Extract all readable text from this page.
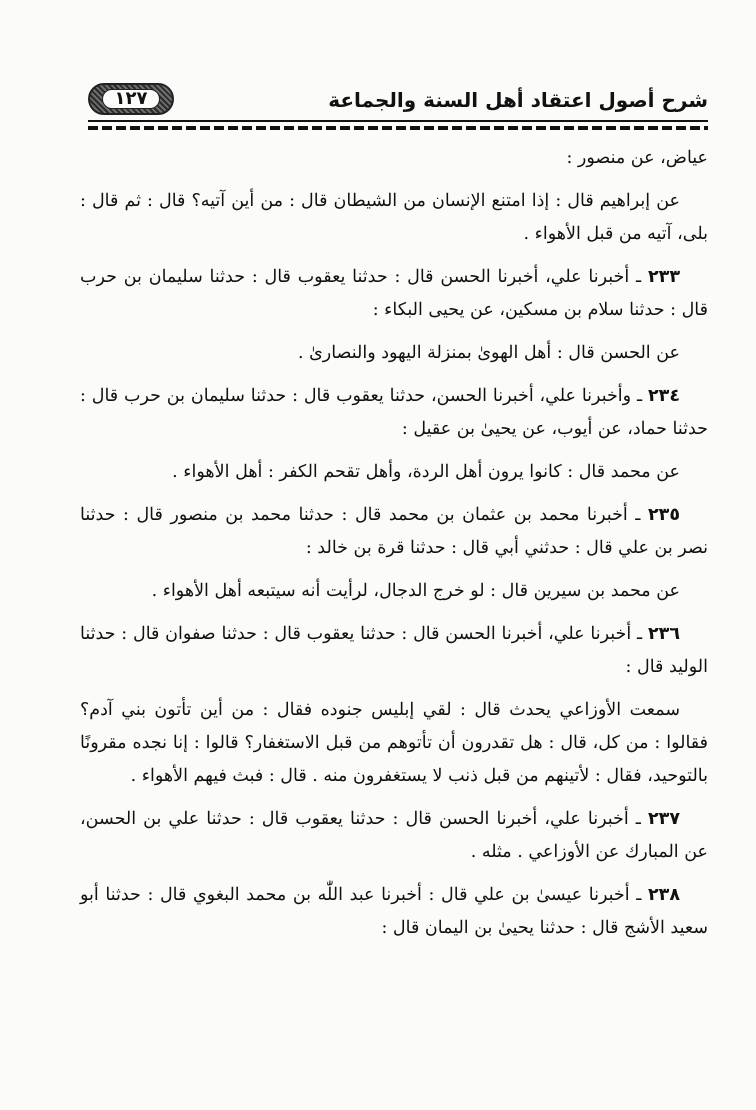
شرح أصول اعتقاد أهل السنة والجماعة
١٢٧

عياض، عن منصور :

عن إبراهيم قال : إذا امتنع الإنسان من الشيطان قال : من أين آتيه؟ قال : ثم قال : بلى، آتيه من قبل الأهواء .

٢٣٣ ـ أخبرنا علي، أخبرنا الحسن قال : حدثنا يعقوب قال : حدثنا سليمان بن حرب قال : حدثنا سلام بن مسكين، عن يحيى البكاء :

عن الحسن قال : أهل الهوىٰ بمنزلة اليهود والنصارىٰ .

٢٣٤ ـ وأخبرنا علي، أخبرنا الحسن، حدثنا يعقوب قال : حدثنا سليمان بن حرب قال : حدثنا حماد، عن أيوب، عن يحيىٰ بن عقيل :

عن محمد قال : كانوا يرون أهل الردة، وأهل تقحم الكفر : أهل الأهواء .

٢٣٥ ـ أخبرنا محمد بن عثمان بن محمد قال : حدثنا محمد بن منصور قال : حدثنا نصر بن علي قال : حدثني أبي قال : حدثنا قرة بن خالد :

عن محمد بن سيرين قال : لو خرج الدجال، لرأيت أنه سيتبعه أهل الأهواء .

٢٣٦ ـ أخبرنا علي، أخبرنا الحسن قال : حدثنا يعقوب قال : حدثنا صفوان قال : حدثنا الوليد قال :

سمعت الأوزاعي يحدث قال : لقي إبليس جنوده فقال : من أين تأتون بني آدم؟ فقالوا : من كل، قال : هل تقدرون أن تأتوهم من قبل الاستغفار؟ قالوا : إنا نجده مقرونًا بالتوحيد، فقال : لأتينهم من قبل ذنب لا يستغفرون منه . قال : فبث فيهم الأهواء .

٢٣٧ ـ أخبرنا علي، أخبرنا الحسن قال : حدثنا يعقوب قال : حدثنا علي بن الحسن، عن المبارك عن الأوزاعي . مثله .

٢٣٨ ـ أخبرنا عيسىٰ بن علي قال : أخبرنا عبد اللّٰه بن محمد البغوي قال : حدثنا أبو سعيد الأشج قال : حدثنا يحيىٰ بن اليمان قال :
